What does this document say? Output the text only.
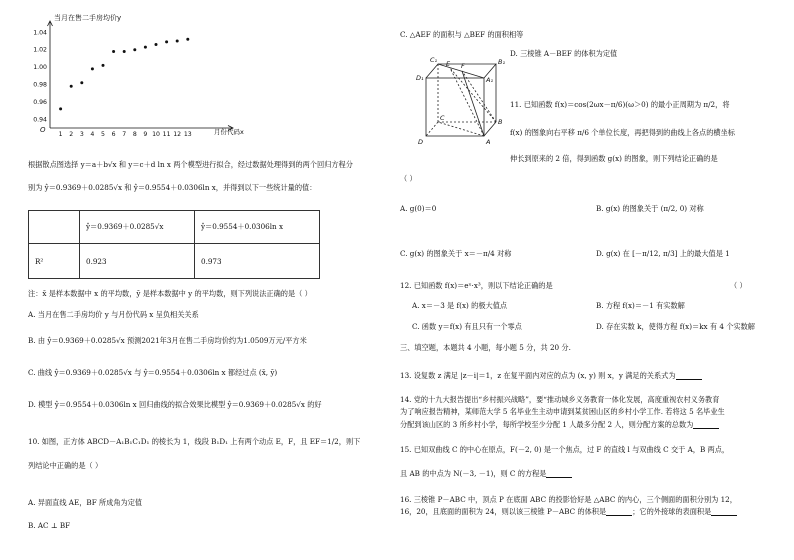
1 2 3 4 5 6 7 8 9 10 11 12 13
0.94
0.96
0.98
1.00
1.02
1.04
当月在售二手房均价y
月份代码x
O
根据散点图选择 y＝a＋b√x 和 y＝c＋d ln x 两个模型进行拟合，经过数据处理得到的两个回归方程分
别为 ŷ＝0.9369＋0.0285√x 和 ŷ＝0.9554＋0.0306ln x，并得到以下一些统计量的值：
	ŷ＝0.9369＋0.0285√x	ŷ＝0.9554＋0.0306ln x
R²	0.923	0.973
注：x̄ 是样本数据中 x 的平均数，ȳ 是样本数据中 y 的平均数，则下列说法正确的是（ ）
A. 当月在售二手房均价 y 与月份代码 x 呈负相关关系
B. 由 ŷ＝0.9369＋0.0285√x 预测2021年3月在售二手房均价约为1.0509万元/平方米
C. 曲线 ŷ＝0.9369＋0.0285√x 与 ŷ＝0.9554＋0.0306ln x 都经过点 (x̄, ȳ)
D. 模型 ŷ＝0.9554＋0.0306ln x 回归曲线的拟合效果比模型 ŷ＝0.9369＋0.0285√x 的好
10. 如图，正方体 ABCD－A₁B₁C₁D₁ 的棱长为 1，线段 B₁D₁ 上有两个动点 E，F，且 EF＝1/2，则下
列结论中正确的是（ ）
A. 异面直线 AE，BF 所成角为定值
B. AC ⊥ BF
C. △AEF 的面积与 △BEF 的面积相等
D. 三棱锥 A－BEF 的体积为定值
C₁ E F	B₁
A₁
D₁
C	B
D	A
11. 已知函数 f(x)＝cos(2ωx－π/6)(ω＞0) 的最小正周期为 π/2，将
f(x) 的图象向右平移 π/6 个单位长度，再把得到的曲线上各点的横坐标
伸长到原来的 2 倍，得到函数 g(x) 的图象，则下列结论正确的是
（ ）
A. g(0)＝0	B. g(x) 的图象关于 (π/2, 0) 对称
C. g(x) 的图象关于 x＝－π/4 对称	D. g(x) 在 [－π/12, π/3] 上的最大值是 1
12. 已知函数 f(x)＝eˣ·x³，则以下结论正确的是	（ ）
A. x＝－3 是 f(x) 的极大值点	B. 方程 f(x)＝－1 有实数解
C. 函数 y＝f(x) 有且只有一个零点	D. 存在实数 k，使得方程 f(x)＝kx 有 4 个实数解
三、填空题，本题共 4 小题，每小题 5 分，共 20 分.
13. 设复数 z 满足 |z－i|＝1，z 在复平面内对应的点为 (x, y) 则 x，y 满足的关系式为
14. 党的十九大报告提出“乡村振兴战略”，要“推动城乡义务教育一体化发展，高度重视农村义务教育
为了响应报告精神，某师范大学 5 名毕业生主动申请到某贫困山区的乡村小学工作. 若将这 5 名毕业生
分配到该山区的 3 所乡村小学，每所学校至少分配 1 人最多分配 2 人，则分配方案的总数为
15. 已知双曲线 C 的中心在原点，F(－2, 0) 是一个焦点，过 F 的直线 l 与双曲线 C 交于 A，B 两点，
且 AB 的中点为 N(－3, －1)，则 C 的方程是
16. 三棱锥 P－ABC 中，顶点 P 在底面 ABC 的投影恰好是 △ABC 的内心，三个侧面的面积分别为 12，
16，20，且底面的面积为 24，则以该三棱锥 P－ABC 的体积是	；它的外接球的表面积是
